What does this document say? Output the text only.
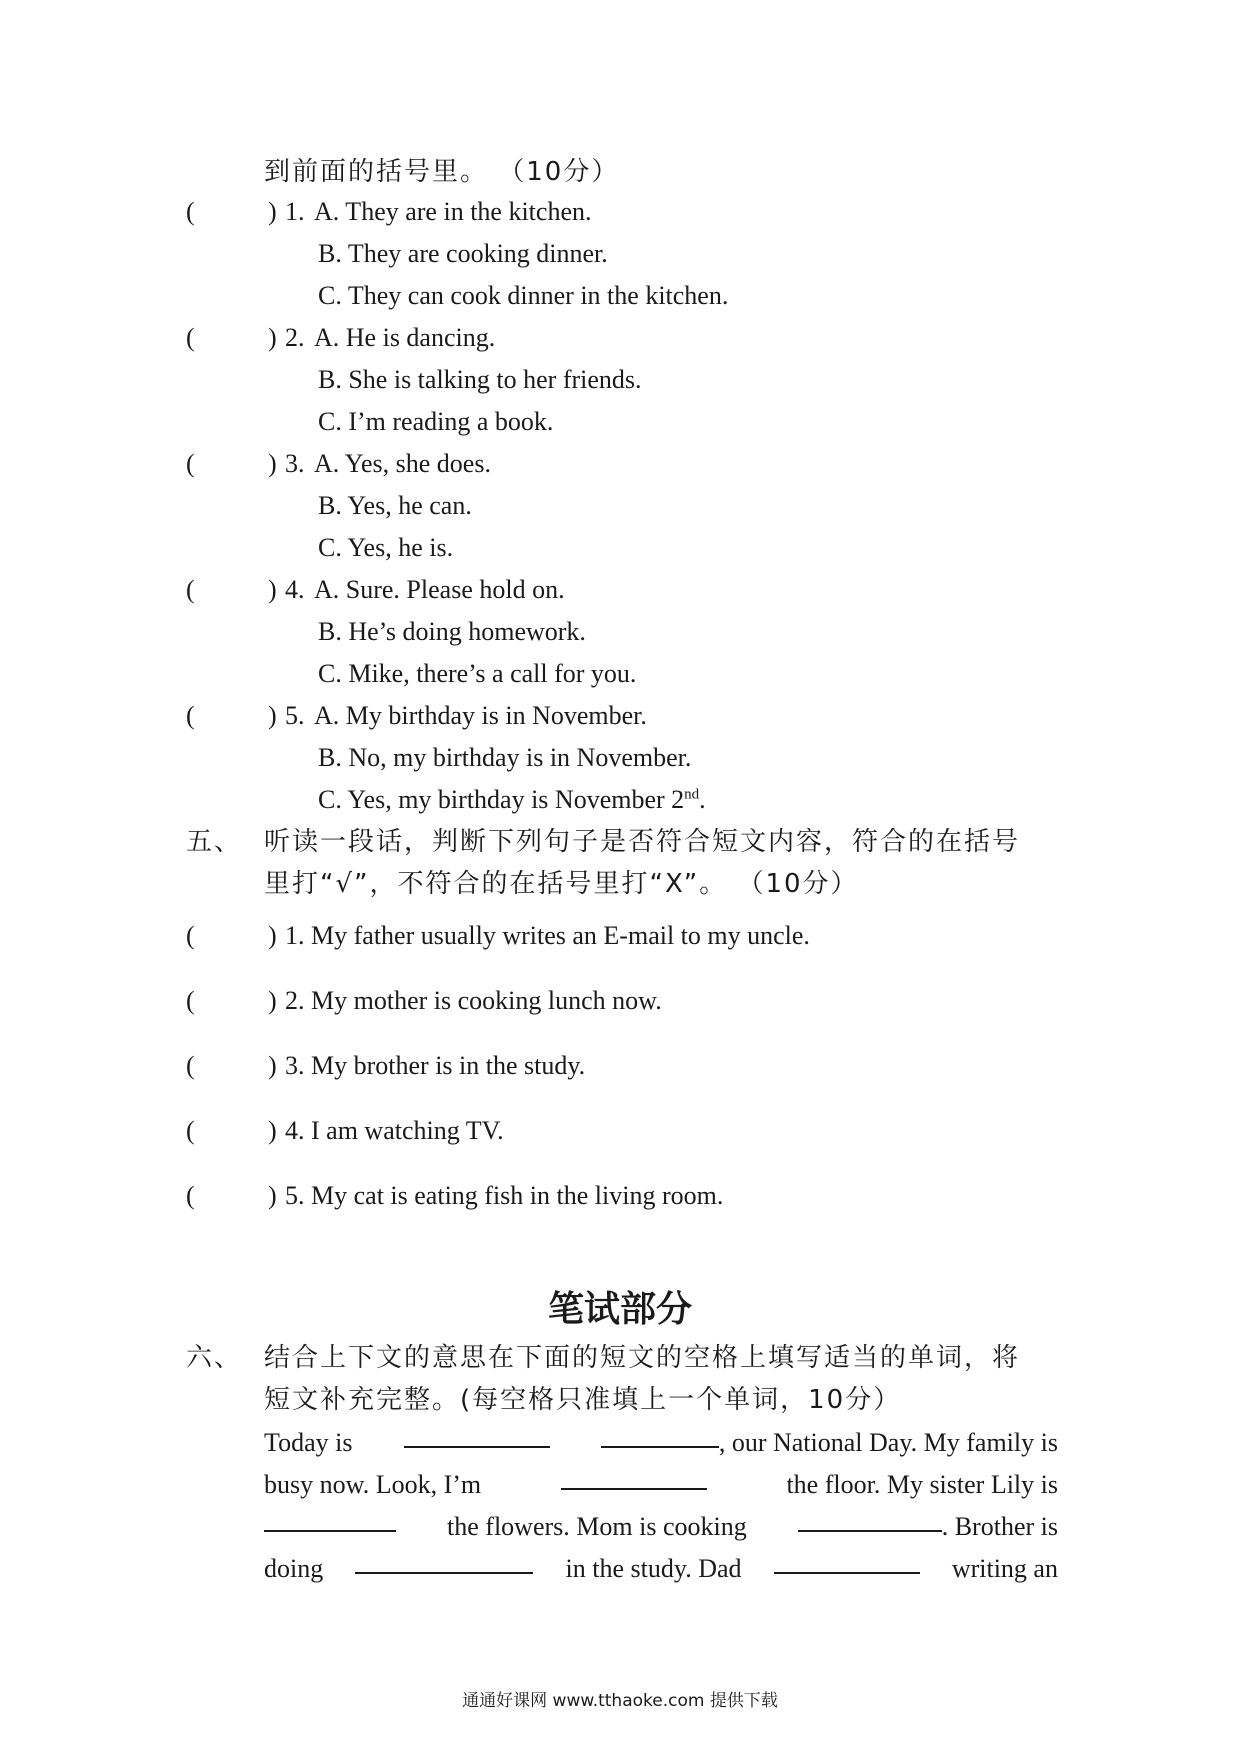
到前面的括号里。 （10分）
(	) 1. A. They are in the kitchen.
B. They are cooking dinner.
C. They can cook dinner in the kitchen.
(	) 2. A. He is dancing.
B. She is talking to her friends.
C. I’m reading a book.
(	) 3. A. Yes, she does.
B. Yes, he can.
C. Yes, he is.
(	) 4. A. Sure. Please hold on.
B. He’s doing homework.
C. Mike, there’s a call for you.
(	) 5. A. My birthday is in November.
B. No, my birthday is in November.
C. Yes, my birthday is November 2nd.
五、 听读一段话，判断下列句子是否符合短文内容，符合的在括号
里打“√”，不符合的在括号里打“X”。 （10分）
(	) 1. My father usually writes an E-mail to my uncle.
(	) 2. My mother is cooking lunch now.
(	) 3. My brother is in the study.
(	) 4. I am watching TV.
(	) 5. My cat is eating fish in the living room.
笔试部分
六、 结合上下文的意思在下面的短文的空格上填写适当的单词，将
短文补充完整。(每空格只准填上一个单词，10分）
Today is	, our National Day. My family is
busy now. Look, I’m	the floor. My sister Lily is
the flowers. Mom is cooking	. Brother is
doing	in the study. Dad	writing an
通通好课网 www.tthaoke.com 提供下载
